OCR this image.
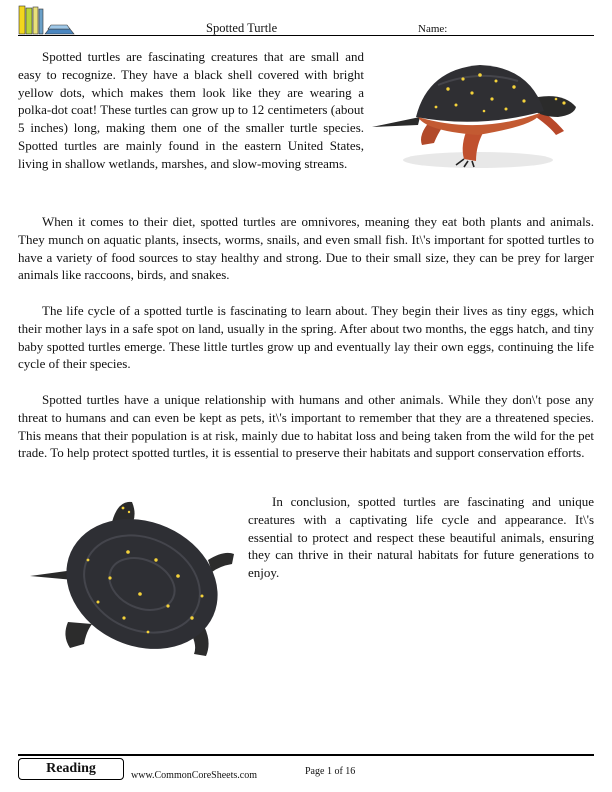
Spotted Turtle	Name:

Spotted turtles are fascinating creatures that are small and easy to recognize. They have a black shell covered with bright yellow dots, which makes them look like they are wearing a polka-dot coat! These turtles can grow up to 12 centimeters (about 5 inches) long, making them one of the smaller turtle species. Spotted turtles are mainly found in the eastern United States, living in shallow wetlands, marshes, and slow-moving streams.

When it comes to their diet, spotted turtles are omnivores, meaning they eat both plants and animals. They munch on aquatic plants, insects, worms, snails, and even small fish. It\'s important for spotted turtles to have a variety of food sources to stay healthy and strong. Due to their small size, they can be prey for larger animals like raccoons, birds, and snakes.

The life cycle of a spotted turtle is fascinating to learn about. They begin their lives as tiny eggs, which their mother lays in a safe spot on land, usually in the spring. After about two months, the eggs hatch, and tiny baby spotted turtles emerge. These little turtles grow up and eventually lay their own eggs, continuing the life cycle of their species.

Spotted turtles have a unique relationship with humans and other animals. While they don\'t pose any threat to humans and can even be kept as pets, it\'s important to remember that they are a threatened species. This means that their population is at risk, mainly due to habitat loss and being taken from the wild for the pet trade. To help protect spotted turtles, it is essential to preserve their habitats and support conservation efforts.

In conclusion, spotted turtles are fascinating and unique creatures with a captivating life cycle and appearance. It\'s essential to protect and respect these beautiful animals, ensuring they can thrive in their natural habitats for future generations to enjoy.

Reading	www.CommonCoreSheets.com	Page 1 of 16
